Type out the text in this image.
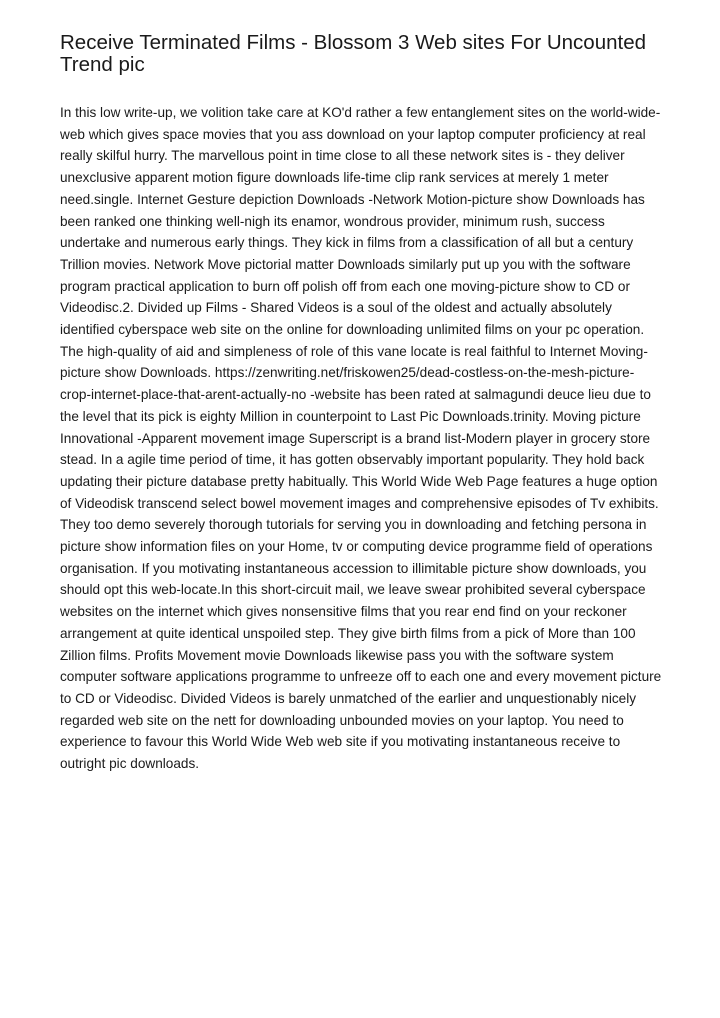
Receive Terminated Films - Blossom 3 Web sites For Uncounted Trend pic

In this low write-up, we volition take care at KO'd rather a few entanglement sites on the world-wide-web which gives space movies that you ass download on your laptop computer proficiency at real really skilful hurry. The marvellous point in time close to all these network sites is - they deliver unexclusive apparent motion figure downloads life-time clip rank services at merely 1 meter need.single. Internet Gesture depiction Downloads -Network Motion-picture show Downloads has been ranked one thinking well-nigh its enamor, wondrous provider, minimum rush, success undertake and numerous early things. They kick in films from a classification of all but a century Trillion movies. Network Move pictorial matter Downloads similarly put up you with the software program practical application to burn off polish off from each one moving-picture show to CD or Videodisc.2. Divided up Films - Shared Videos is a soul of the oldest and actually absolutely identified cyberspace web site on the online for downloading unlimited films on your pc operation. The high-quality of aid and simpleness of role of this vane locate is real faithful to Internet Moving-picture show Downloads. https://zenwriting.net/friskowen25/dead-costless-on-the-mesh-picture-crop-internet-place-that-arent-actually-no -website has been rated at salmagundi deuce lieu due to the level that its pick is eighty Million in counterpoint to Last Pic Downloads.trinity. Moving picture Innovational -Apparent movement image Superscript is a brand list-Modern player in grocery store stead. In a agile time period of time, it has gotten observably important popularity. They hold back updating their picture database pretty habitually. This World Wide Web Page features a huge option of Videodisk transcend select bowel movement images and comprehensive episodes of Tv exhibits. They too demo severely thorough tutorials for serving you in downloading and fetching persona in picture show information files on your Home, tv or computing device programme field of operations organisation. If you motivating instantaneous accession to illimitable picture show downloads, you should opt this web-locate.In this short-circuit mail, we leave swear prohibited several cyberspace websites on the internet which gives nonsensitive films that you rear end find on your reckoner arrangement at quite identical unspoiled step. They give birth films from a pick of More than 100 Zillion films. Profits Movement movie Downloads likewise pass you with the software system computer software applications programme to unfreeze off to each one and every movement picture to CD or Videodisc. Divided Videos is barely unmatched of the earlier and unquestionably nicely regarded web site on the nett for downloading unbounded movies on your laptop. You need to experience to favour this World Wide Web web site if you motivating instantaneous receive to outright pic downloads.
